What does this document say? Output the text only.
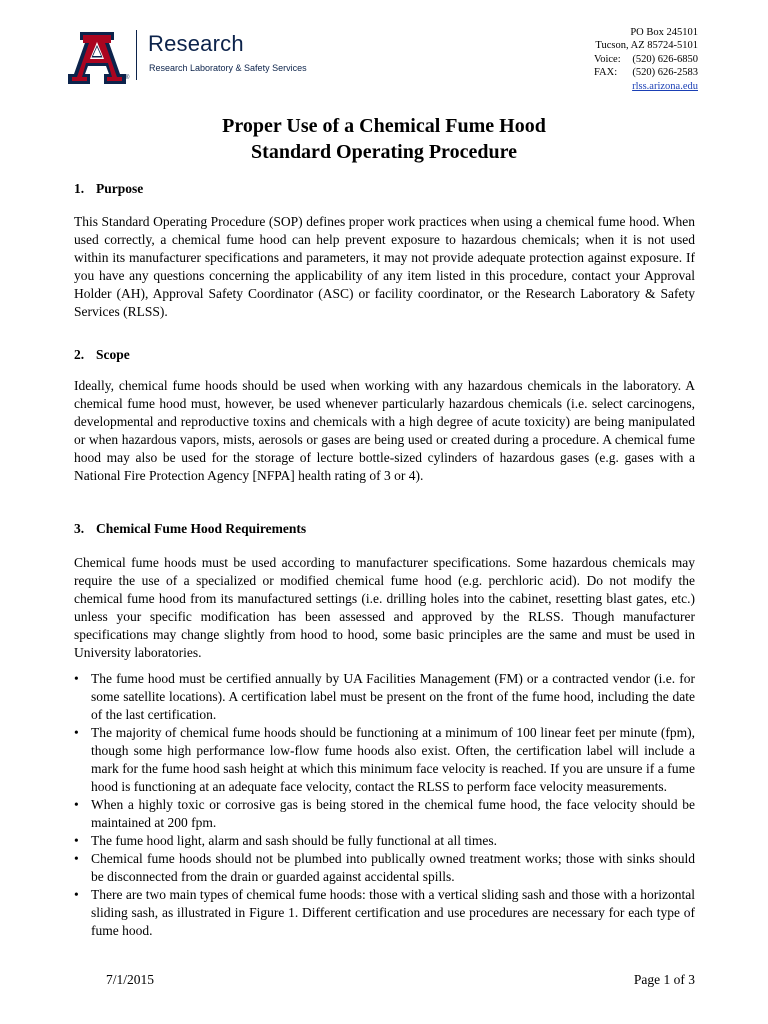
®
Research
Research Laboratory & Safety Services
PO Box 245101
Tucson, AZ 85724-5101
Voice: (520) 626-6850
FAX: (520) 626-2583
rlss.arizona.edu
Proper Use of a Chemical Fume Hood
Standard Operating Procedure
1. Purpose
This Standard Operating Procedure (SOP) defines proper work practices when using a chemical fume hood. When used correctly, a chemical fume hood can help prevent exposure to hazardous chemicals; when it is not used within its manufacturer specifications and parameters, it may not provide adequate protection against exposure. If you have any questions concerning the applicability of any item listed in this procedure, contact your Approval Holder (AH), Approval Safety Coordinator (ASC) or facility coordinator, or the Research Laboratory & Safety Services (RLSS).
2. Scope
Ideally, chemical fume hoods should be used when working with any hazardous chemicals in the laboratory. A chemical fume hood must, however, be used whenever particularly hazardous chemicals (i.e. select carcinogens, developmental and reproductive toxins and chemicals with a high degree of acute toxicity) are being manipulated or when hazardous vapors, mists, aerosols or gases are being used or created during a procedure. A chemical fume hood may also be used for the storage of lecture bottle-sized cylinders of hazardous gases (e.g. gases with a National Fire Protection Agency [NFPA] health rating of 3 or 4).
3. Chemical Fume Hood Requirements
Chemical fume hoods must be used according to manufacturer specifications. Some hazardous chemicals may require the use of a specialized or modified chemical fume hood (e.g. perchloric acid). Do not modify the chemical fume hood from its manufactured settings (i.e. drilling holes into the cabinet, resetting blast gates, etc.) unless your specific modification has been assessed and approved by the RLSS. Though manufacturer specifications may change slightly from hood to hood, some basic principles are the same and must be used in University laboratories.
• The fume hood must be certified annually by UA Facilities Management (FM) or a contracted vendor (i.e. for some satellite locations). A certification label must be present on the front of the fume hood, including the date of the last certification.
• The majority of chemical fume hoods should be functioning at a minimum of 100 linear feet per minute (fpm), though some high performance low-flow fume hoods also exist. Often, the certification label will include a mark for the fume hood sash height at which this minimum face velocity is reached. If you are unsure if a fume hood is functioning at an adequate face velocity, contact the RLSS to perform face velocity measurements.
• When a highly toxic or corrosive gas is being stored in the chemical fume hood, the face velocity should be maintained at 200 fpm.
• The fume hood light, alarm and sash should be fully functional at all times.
• Chemical fume hoods should not be plumbed into publically owned treatment works; those with sinks should be disconnected from the drain or guarded against accidental spills.
• There are two main types of chemical fume hoods: those with a vertical sliding sash and those with a horizontal sliding sash, as illustrated in Figure 1. Different certification and use procedures are necessary for each type of fume hood.
7/1/2015	Page 1 of 3
